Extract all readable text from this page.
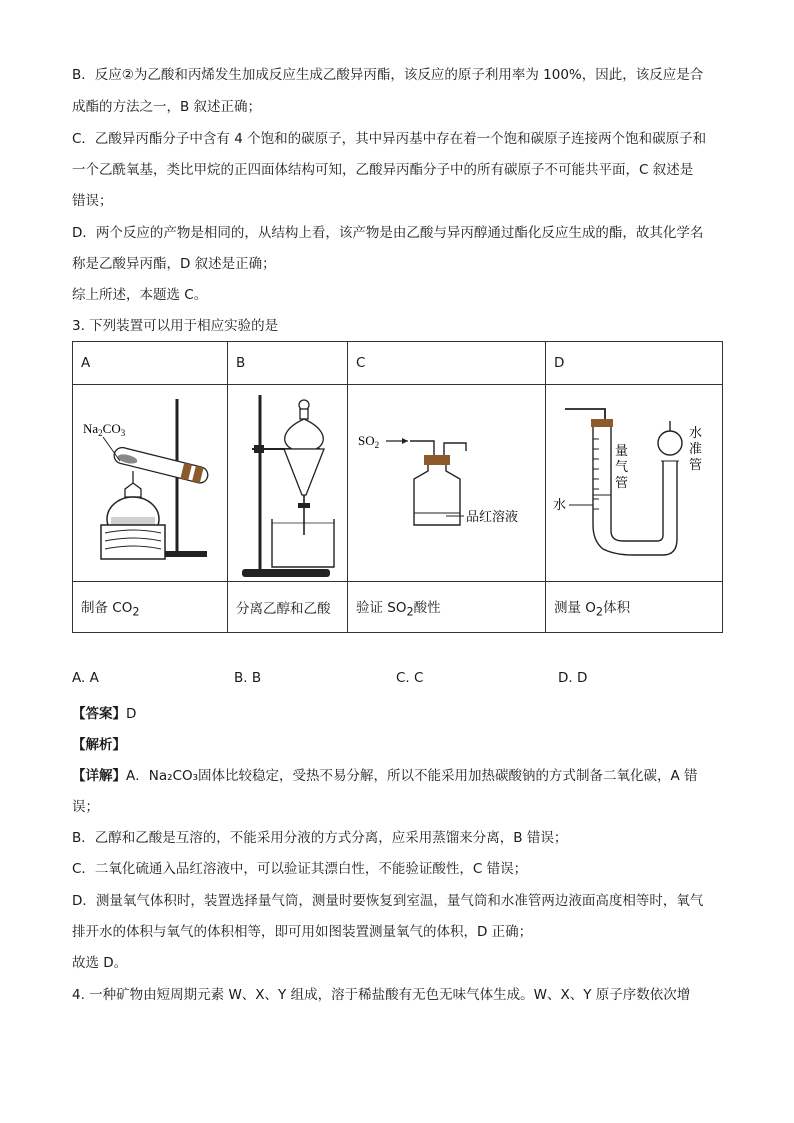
B．反应②为乙酸和丙烯发生加成反应生成乙酸异丙酯，该反应的原子利用率为 100%，因此，该反应是合

成酯的方法之一，B 叙述正确；

C．乙酸异丙酯分子中含有 4 个饱和的碳原子，其中异丙基中存在着一个饱和碳原子连接两个饱和碳原子和

一个乙酰氧基，类比甲烷的正四面体结构可知，乙酸异丙酯分子中的所有碳原子不可能共平面，C 叙述是

错误；

D．两个反应的产物是相同的，从结构上看，该产物是由乙酸与异丙醇通过酯化反应生成的酯，故其化学名

称是乙酸异丙酯，D 叙述是正确；

综上所述，本题选 C。

3. 下列装置可以用于相应实验的是

A	B	C	D

$Na_2CO_3$		$SO_2$
品红溶液	水
量气管
水准管

制备 $CO_2$	分离乙醇和乙酸	验证 $SO_2$酸性	测量 $O_2$体积
A. A	B. B	C. C	D. D

【答案】D

【解析】

【详解】A．Na₂CO₃固体比较稳定，受热不易分解，所以不能采用加热碳酸钠的方式制备二氧化碳，A 错

误；

B．乙醇和乙酸是互溶的，不能采用分液的方式分离，应采用蒸馏来分离，B 错误；

C．二氧化硫通入品红溶液中，可以验证其漂白性，不能验证酸性，C 错误；

D．测量氧气体积时，装置选择量气筒，测量时要恢复到室温，量气筒和水准管两边液面高度相等时，氧气

排开水的体积与氧气的体积相等，即可用如图装置测量氧气的体积，D 正确；

故选 D。

4. 一种矿物由短周期元素 W、X、Y 组成，溶于稀盐酸有无色无味气体生成。W、X、Y 原子序数依次增
